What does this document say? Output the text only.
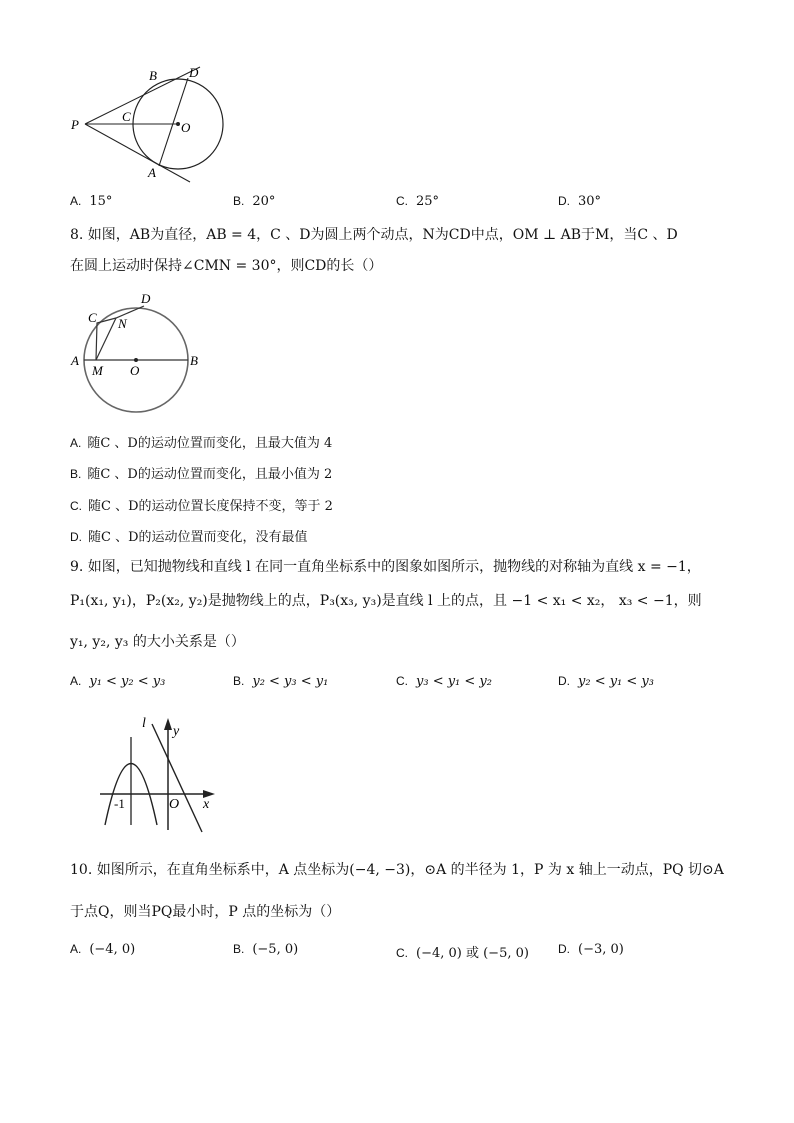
P
B D
C
O
A
A. 15°	B. 20°	C. 25°	D. 30°
8. 如图，AB为直径，AB = 4，C 、D为圆上两个动点，N为CD中点，OM ⊥ AB于M，当C 、D
在圆上运动时保持∠CMN = 30°，则CD的长（）
A	B
C
D
N
M O
A. 随C 、D的运动位置而变化，且最大值为 4
B. 随C 、D的运动位置而变化，且最小值为 2
C. 随C 、D的运动位置长度保持不变，等于 2
D. 随C 、D的运动位置而变化，没有最值
9. 如图，已知抛物线和直线 l 在同一直角坐标系中的图象如图所示，抛物线的对称轴为直线 x = −1，
P₁(x₁, y₁)，P₂(x₂, y₂)是抛物线上的点，P₃(x₃, y₃)是直线 l 上的点，且 −1 < x₁ < x₂， x₃ < −1，则
y₁, y₂, y₃ 的大小关系是（）
A. y₁ < y₂ < y₃	B. y₂ < y₃ < y₁	C. y₃ < y₁ < y₂	D. y₂ < y₁ < y₃
l
y
x
O
-1
10. 如图所示，在直角坐标系中，A 点坐标为(−4, −3)，⊙A 的半径为 1，P 为 x 轴上一动点，PQ 切⊙A
于点Q，则当PQ最小时，P 点的坐标为（）
A. (−4, 0)	B. (−5, 0)	C. (−4, 0) 或 (−5, 0) D. (−3, 0)
